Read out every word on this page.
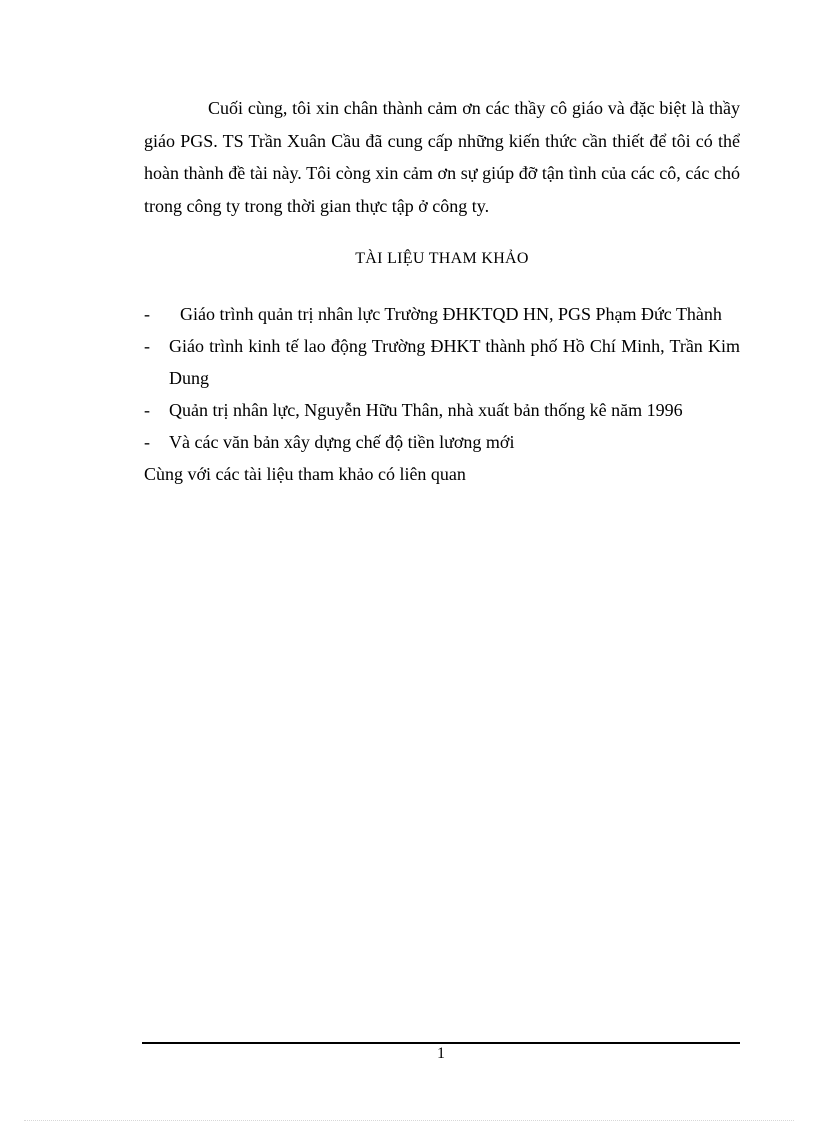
Cuối cùng, tôi xin chân thành cảm ơn các thầy cô giáo và đặc biệt là thầy giáo PGS. TS Trần Xuân Cầu đã cung cấp những kiến thức cần thiết để tôi có thể hoàn thành đề tài này. Tôi còng xin cảm ơn sự giúp đỡ tận tình của các cô, các chó trong công ty trong thời gian thực tập ở công ty.

TÀI LIỆU THAM KHẢO
- Giáo trình quản trị nhân lực Trường ĐHKTQD HN, PGS Phạm Đức Thành
- Giáo trình kinh tế lao động Trường ĐHKT thành phố Hồ Chí Minh, Trần Kim Dung
- Quản trị nhân lực, Nguyễn Hữu Thân, nhà xuất bản thống kê năm 1996
- Và các văn bản xây dựng chế độ tiền lương mới

Cùng với các tài liệu tham khảo có liên quan

1
